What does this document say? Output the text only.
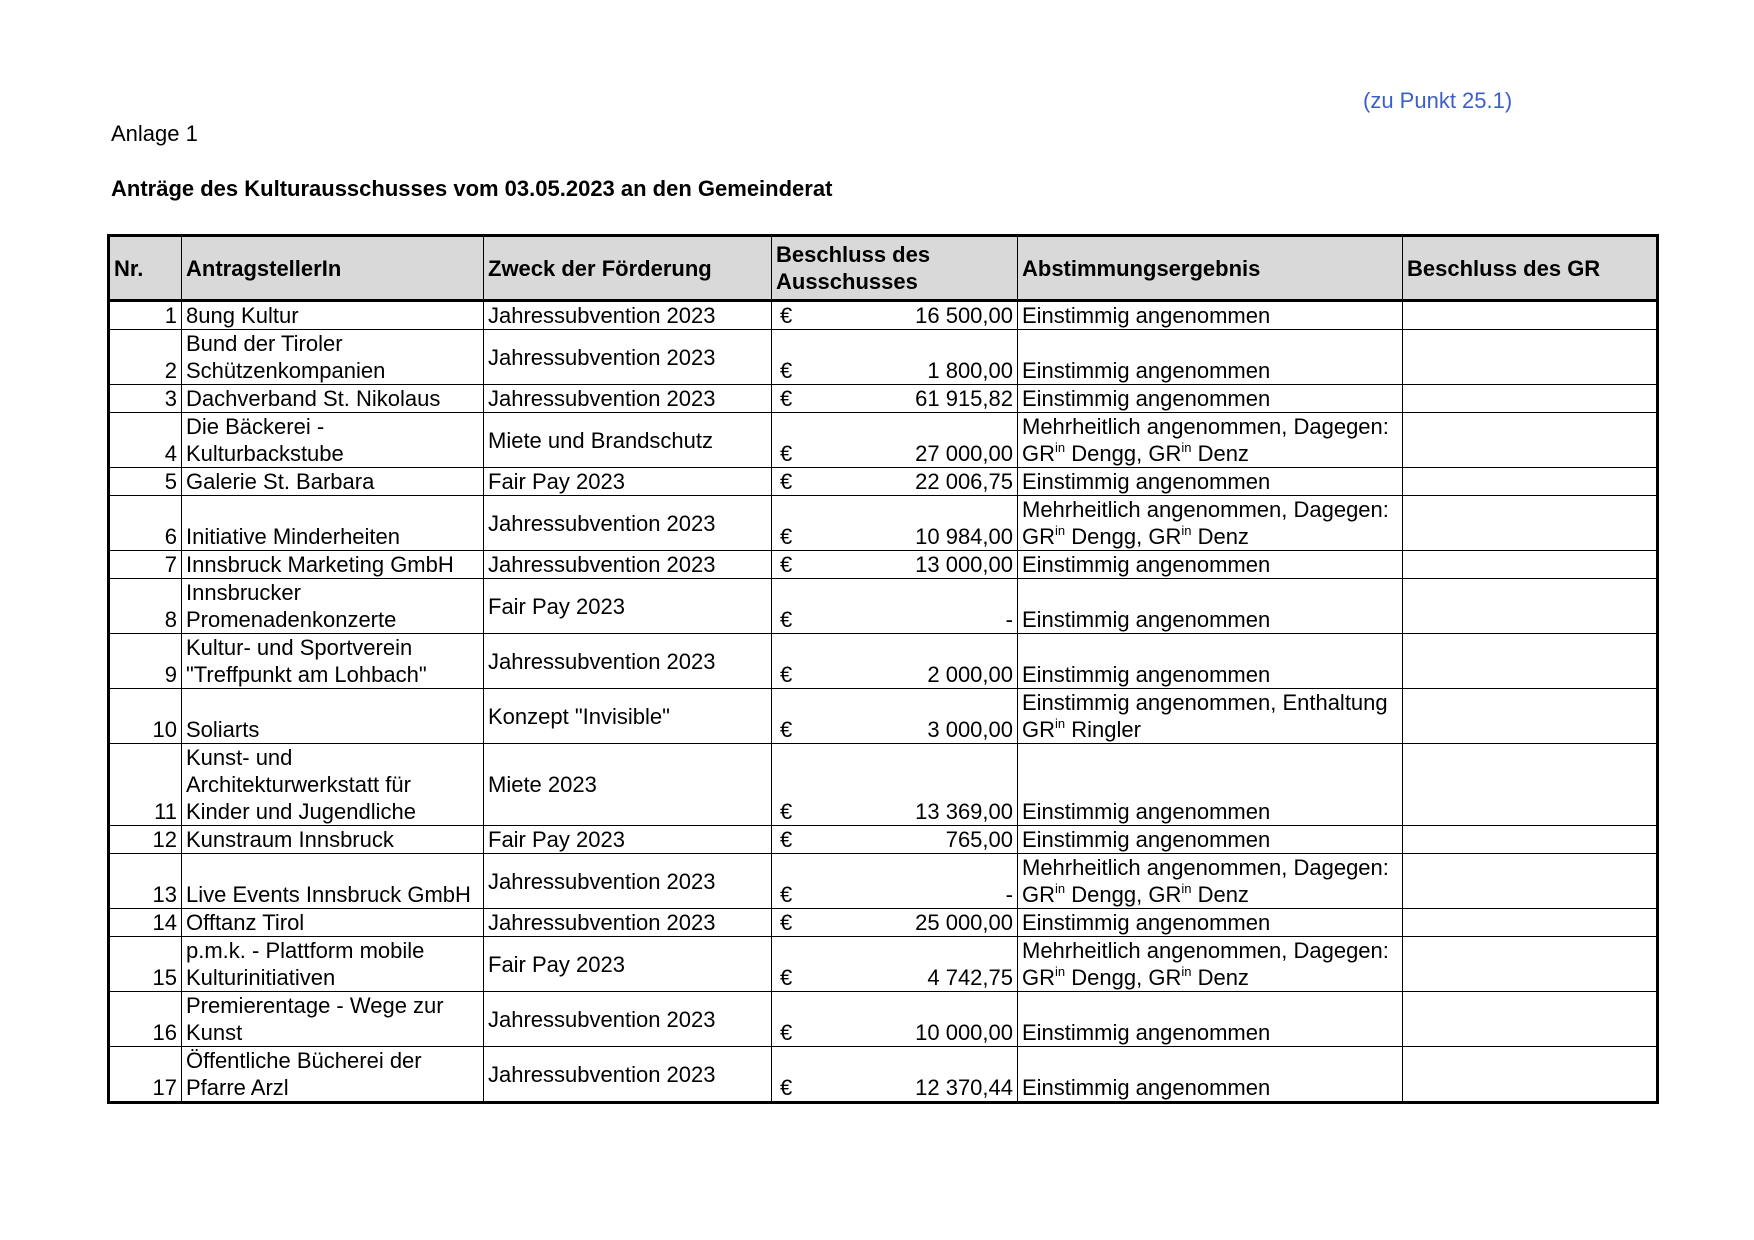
(zu Punkt 25.1)
Anlage 1
Anträge des Kulturausschusses vom 03.05.2023 an den Gemeinderat
Nr.	AntragstellerIn	Zweck der Förderung	Beschluss des Ausschusses	Abstimmungsergebnis	Beschluss des GR
1	8ung Kultur	Jahressubvention 2023	€ 16 500,00	Einstimmig angenommen	
2	Bund der Tiroler Schützenkompanien	Jahressubvention 2023	€ 1 800,00	Einstimmig angenommen	
3	Dachverband St. Nikolaus	Jahressubvention 2023	€ 61 915,82	Einstimmig angenommen	
4	Die Bäckerei - Kulturbackstube	Miete und Brandschutz	€ 27 000,00	Mehrheitlich angenommen, Dagegen:
$GR^{in}$ Dengg, $GR^{in}$ Denz	
5	Galerie St. Barbara	Fair Pay 2023	€ 22 006,75	Einstimmig angenommen	
6	Initiative Minderheiten	Jahressubvention 2023	€ 10 984,00	Mehrheitlich angenommen, Dagegen:
$GR^{in}$ Dengg, $GR^{in}$ Denz	
7	Innsbruck Marketing GmbH	Jahressubvention 2023	€ 13 000,00	Einstimmig angenommen	
8	Innsbrucker Promenadenkonzerte	Fair Pay 2023	€ -	Einstimmig angenommen	
9	Kultur- und Sportverein "Treffpunkt am Lohbach"	Jahressubvention 2023	€ 2 000,00	Einstimmig angenommen	
10	Soliarts	Konzept "Invisible"	€ 3 000,00	Einstimmig angenommen, Enthaltung
$GR^{in}$ Ringler	
11	Kunst- und Architekturwerkstatt für Kinder und Jugendliche	Miete 2023	€ 13 369,00	Einstimmig angenommen	
12	Kunstraum Innsbruck	Fair Pay 2023	€ 765,00	Einstimmig angenommen	
13	Live Events Innsbruck GmbH	Jahressubvention 2023	€ -	Mehrheitlich angenommen, Dagegen:
$GR^{in}$ Dengg, $GR^{in}$ Denz	
14	Offtanz Tirol	Jahressubvention 2023	€ 25 000,00	Einstimmig angenommen	
15	p.m.k. - Plattform mobile Kulturinitiativen	Fair Pay 2023	€ 4 742,75	Mehrheitlich angenommen, Dagegen:
$GR^{in}$ Dengg, $GR^{in}$ Denz	
16	Premierentage - Wege zur Kunst	Jahressubvention 2023	€ 10 000,00	Einstimmig angenommen	
17	Öffentliche Bücherei der Pfarre Arzl	Jahressubvention 2023	€ 12 370,44	Einstimmig angenommen	
